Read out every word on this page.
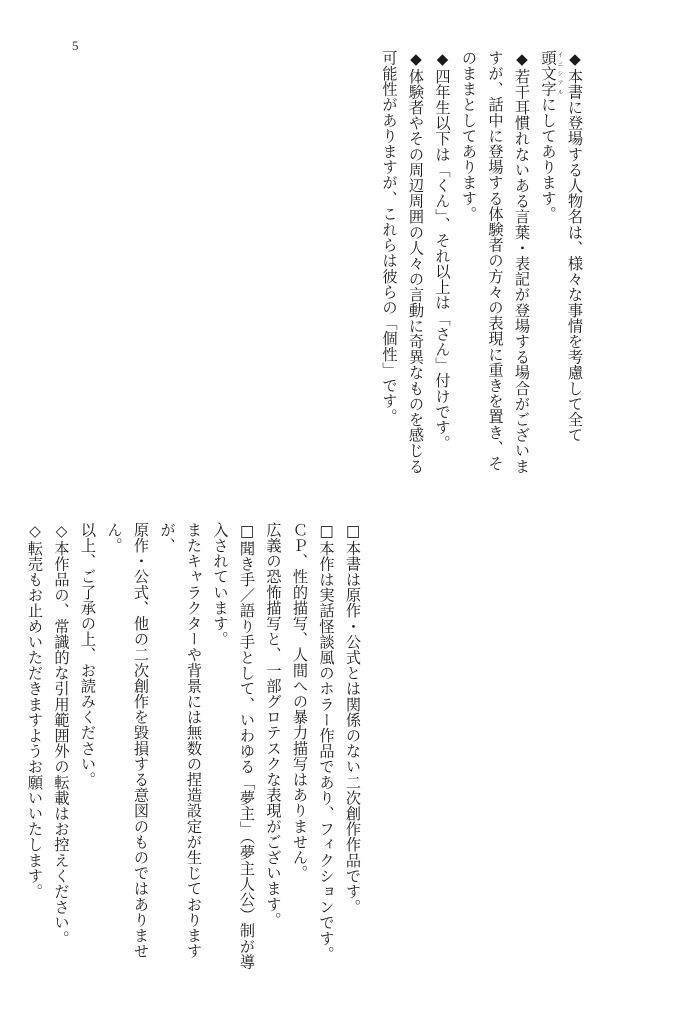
5

◆本書に登場する人物名は、様々な事情を考慮して全て頭文字イニシアルにしてあります。

◆若干耳慣れないある言葉・表記が登場する場合がございますが、話中に登場する体験者の方々の表現に重きを置き、そのままとしてあります。

◆四年生以下は「くん」、それ以上は「さん」付けです。

◆体験者やその周辺周囲の人々の言動に奇異なものを感じる可能性がありますが、これらは彼らの「個性」です。

□本書は原作・公式とは関係のない二次創作作品です。

□本作は実話怪談風のホラー作品であり、フィクションです。

ＣＰ、性的描写、人間への暴力描写はありません。

広義の恐怖描写と、一部グロテスクな表現がございます。

□聞き手／語り手として、いわゆる「夢主」（夢主人公）制が導入されています。

またキャラクターや背景には無数の捏造設定が生じておりますが、

原作・公式、他の二次創作を毀損する意図のものではありません。

以上、ご了承の上、お読みください。

◇本作品の、常識的な引用範囲外の転載はお控えください。

◇転売もお止めいただきますようお願いいたします。
